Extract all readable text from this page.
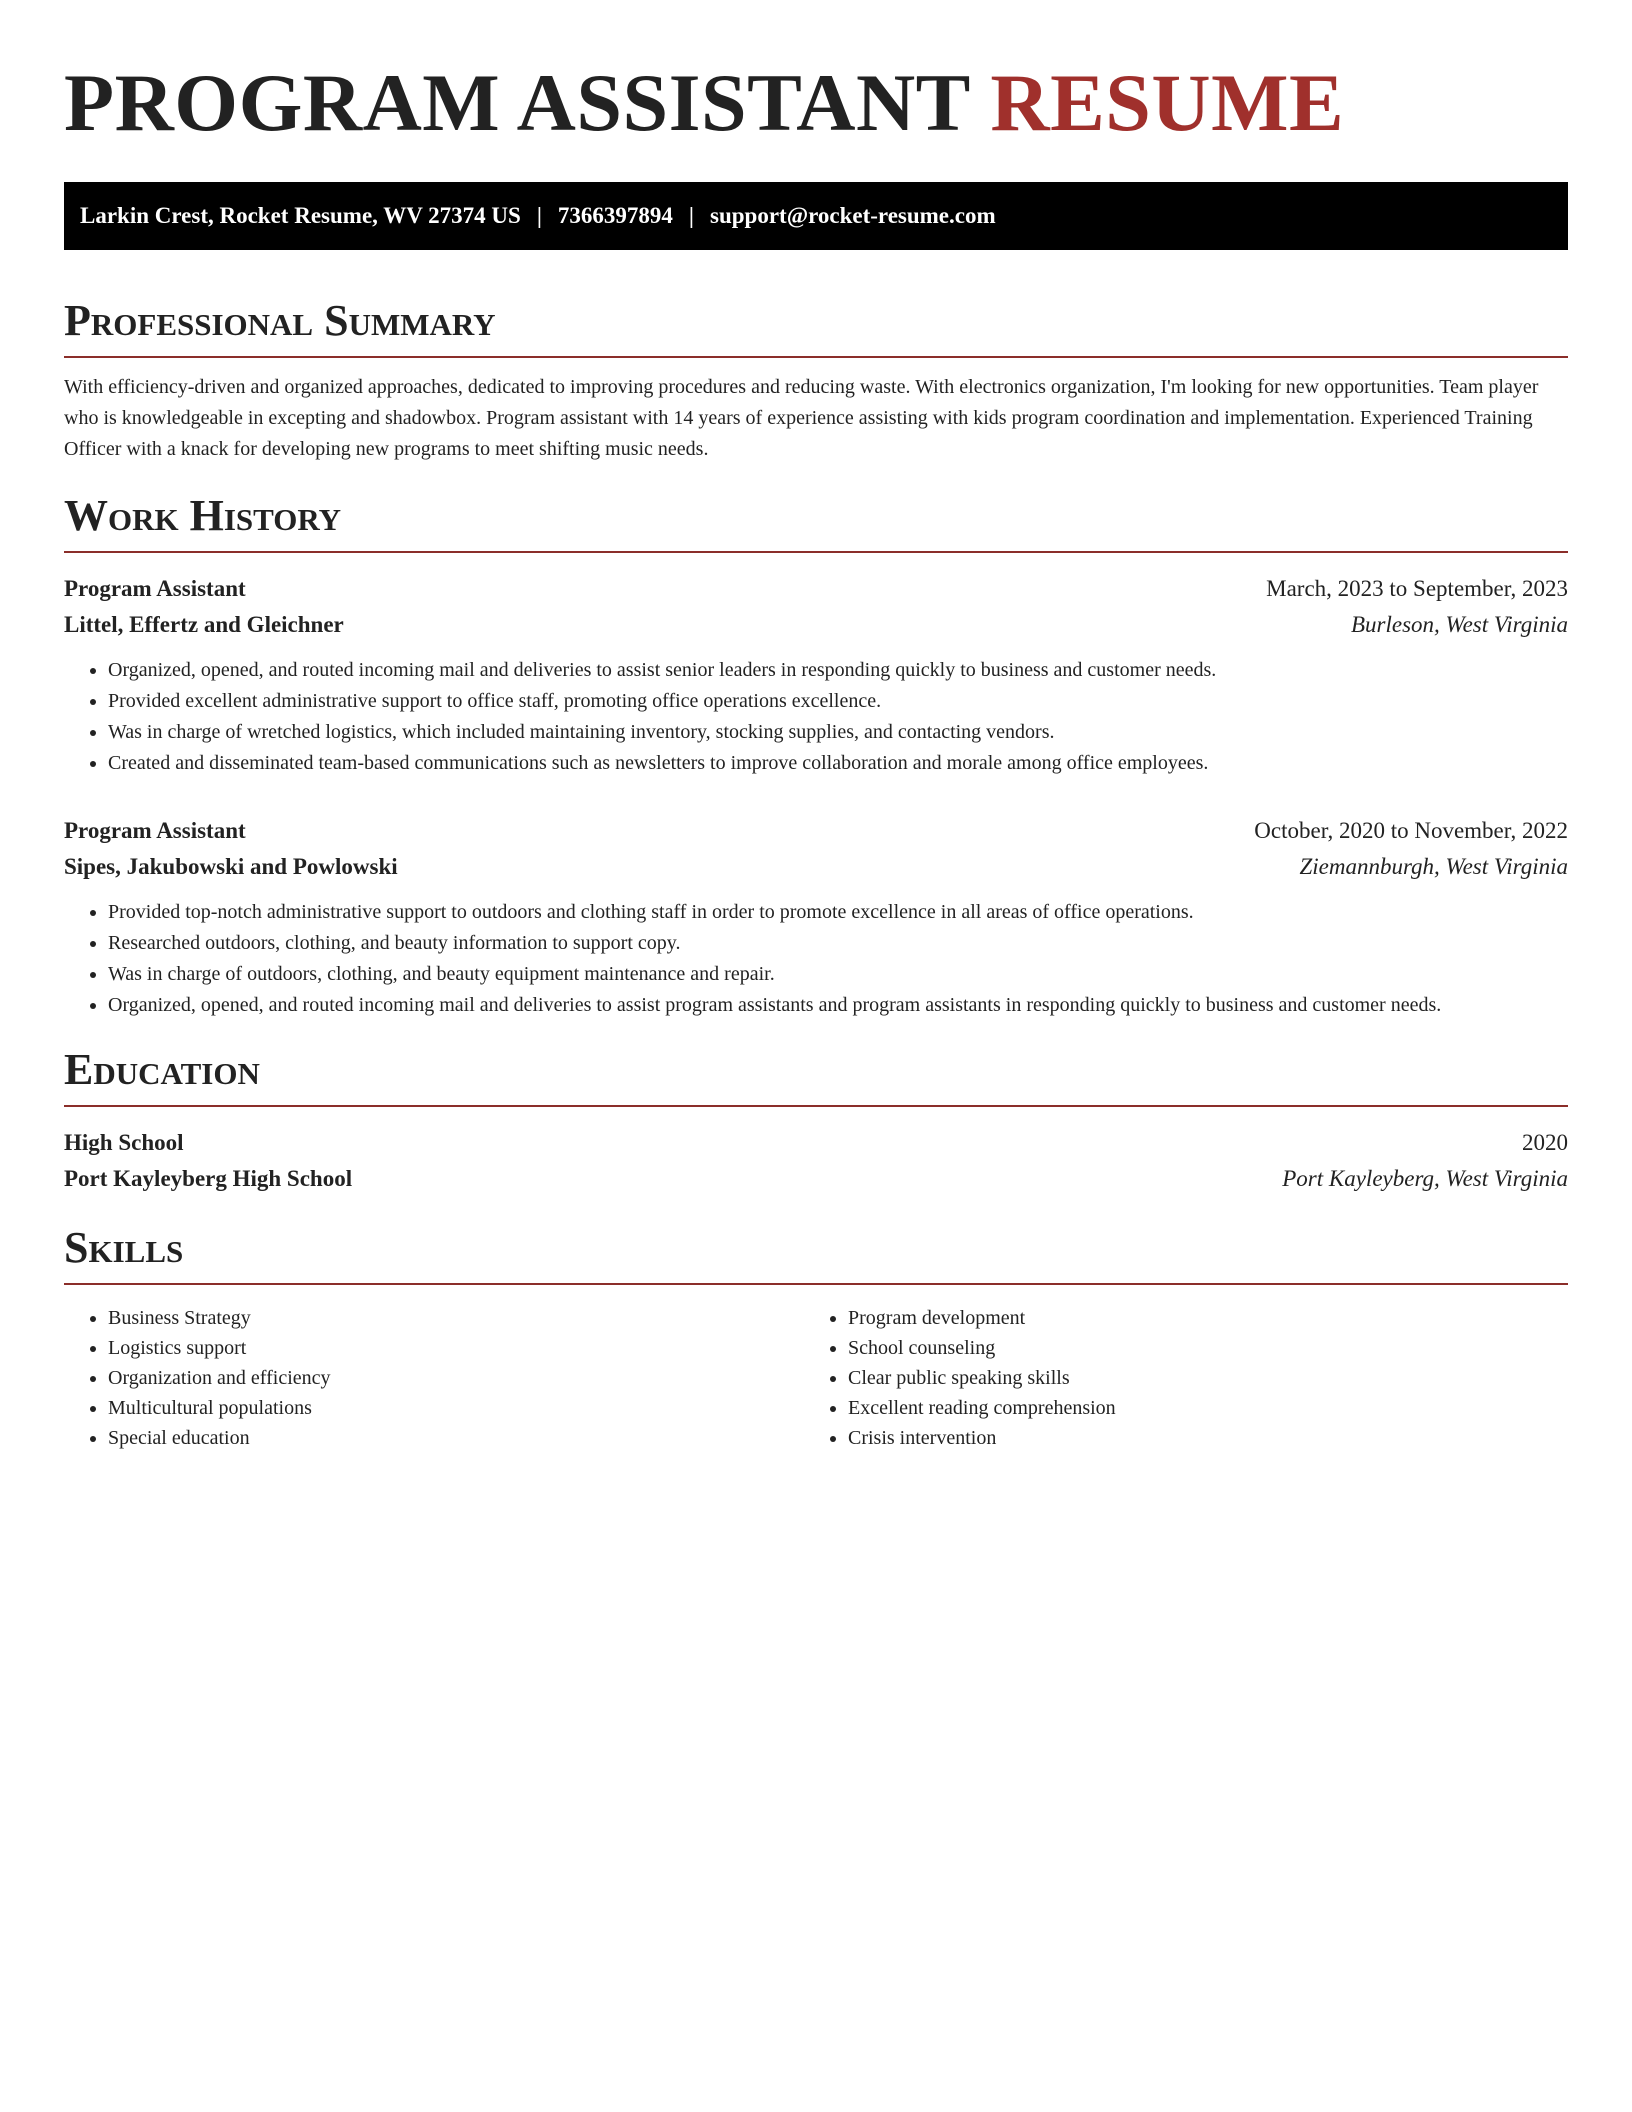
PROGRAM ASSISTANT RESUME
Larkin Crest, Rocket Resume, WV 27374 US | 7366397894 | support@rocket-resume.com
Professional Summary

With efficiency-driven and organized approaches, dedicated to improving procedures and reducing waste. With electronics organization, I'm looking for new opportunities. Team player who is knowledgeable in excepting and shadowbox. Program assistant with 14 years of experience assisting with kids program coordination and implementation. Experienced Training Officer with a knack for developing new programs to meet shifting music needs.

Work History
Program Assistant	March, 2023 to September, 2023
Littel, Effertz and Gleichner	Burleson, West Virginia
• Organized, opened, and routed incoming mail and deliveries to assist senior leaders in responding quickly to business and customer needs.
• Provided excellent administrative support to office staff, promoting office operations excellence.
• Was in charge of wretched logistics, which included maintaining inventory, stocking supplies, and contacting vendors.
• Created and disseminated team-based communications such as newsletters to improve collaboration and morale among office employees.
Program Assistant	October, 2020 to November, 2022
Sipes, Jakubowski and Powlowski	Ziemannburgh, West Virginia
• Provided top-notch administrative support to outdoors and clothing staff in order to promote excellence in all areas of office operations.
• Researched outdoors, clothing, and beauty information to support copy.
• Was in charge of outdoors, clothing, and beauty equipment maintenance and repair.
• Organized, opened, and routed incoming mail and deliveries to assist program assistants and program assistants in responding quickly to business and customer needs.
Education
High School	2020
Port Kayleyberg High School	Port Kayleyberg, West Virginia
Skills
• Business Strategy
• Logistics support
• Organization and efficiency
• Multicultural populations
• Special education
• Program development
• School counseling
• Clear public speaking skills
• Excellent reading comprehension
• Crisis intervention
